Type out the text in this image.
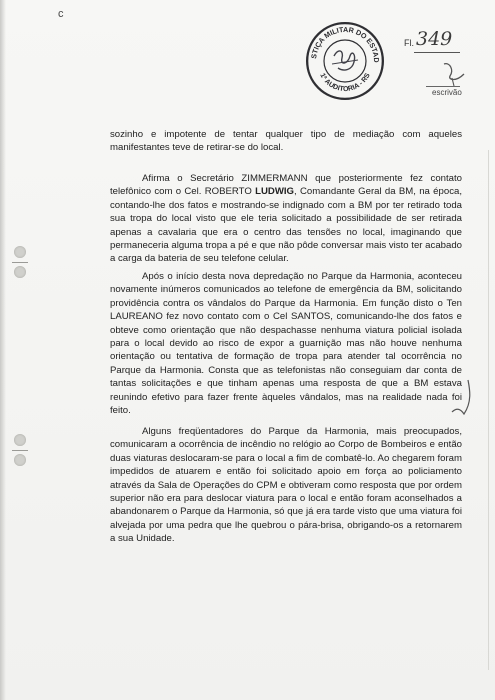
c
STIÇA MILITAR DO ESTAD
1ª AUDITORIA - RS
Fl. 349
escrivão
sozinho e impotente de tentar qualquer tipo de mediação com aqueles manifestantes teve de retirar-se do local.
Afirma o Secretário ZIMMERMANN que posteriormente fez contato telefônico com o Cel. ROBERTO LUDWIG, Comandante Geral da BM, na época, contando-lhe dos fatos e mostrando-se indignado com a BM por ter retirado toda sua tropa do local visto que ele teria solicitado a possibilidade de ser retirada apenas a cavalaria que era o centro das tensões no local, imaginando que permaneceria alguma tropa a pé e que não pôde conversar mais visto ter acabado a carga da bateria de seu telefone celular.
Após o início desta nova depredação no Parque da Harmonia, aconteceu novamente inúmeros comunicados ao telefone de emergência da BM, solicitando providência contra os vândalos do Parque da Harmonia. Em função disto o Ten LAUREANO fez novo contato com o Cel SANTOS, comunicando-lhe dos fatos e obteve como orientação que não despachasse nenhuma viatura policial isolada para o local devido ao risco de expor a guarnição mas não houve nenhuma orientação ou tentativa de formação de tropa para atender tal ocorrência no Parque da Harmonia. Consta que as telefonistas não conseguiam dar conta de tantas solicitações e que tinham apenas uma resposta de que a BM estava reunindo efetivo para fazer frente àqueles vândalos, mas na realidade nada foi feito.
Alguns freqüentadores do Parque da Harmonia, mais preocupados, comunicaram a ocorrência de incêndio no relógio ao Corpo de Bombeiros e então duas viaturas deslocaram-se para o local a fim de combatê-lo. Ao chegarem foram impedidos de atuarem e então foi solicitado apoio em força ao policiamento através da Sala de Operações do CPM e obtiveram como resposta que por ordem superior não era para deslocar viatura para o local e então foram aconselhados a abandonarem o Parque da Harmonia, só que já era tarde visto que uma viatura foi alvejada por uma pedra que lhe quebrou o pára-brisa, obrigando-os a retornarem a sua Unidade.
